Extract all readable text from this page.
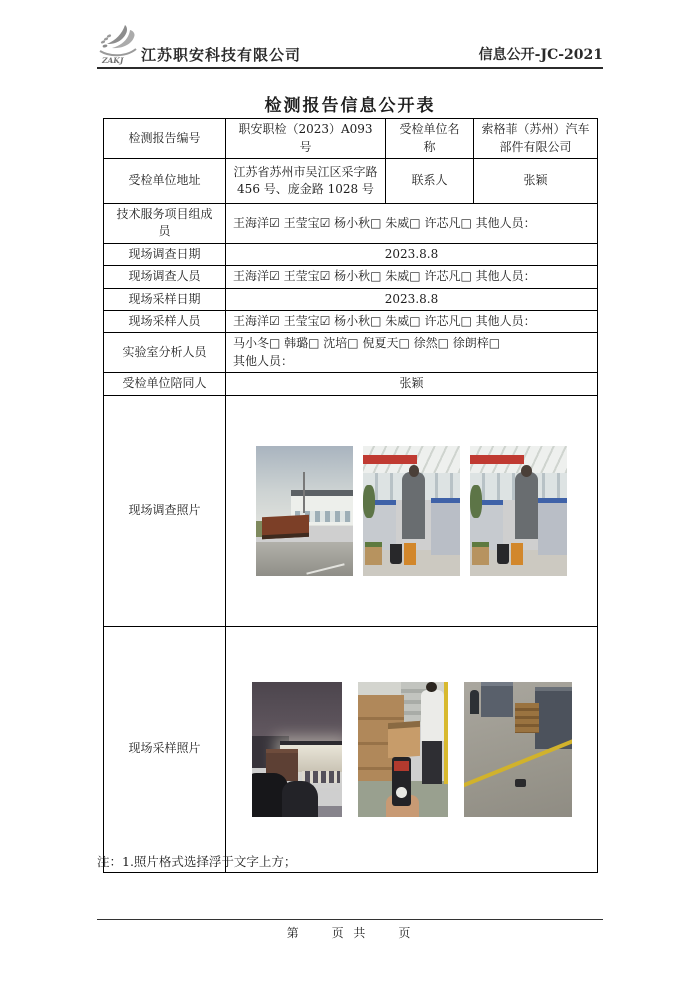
ZAKJ 江苏职安科技有限公司	信息公开-JC-2021
检测报告信息公开表
检测报告编号	职安职检（2023）A093 号	受检单位名称	索格菲（苏州）汽车部件有限公司
受检单位地址	江苏省苏州市吴江区采字路456 号、庞金路 1028 号	联系人	张颖
技术服务项目组成员	王海洋☑ 王莹宝☑ 杨小秋□ 朱威□ 许芯凡□ 其他人员：		
现场调查日期	2023.8.8		
现场调查人员	王海洋☑ 王莹宝☑ 杨小秋□ 朱威□ 许芯凡□ 其他人员：		
现场采样日期	2023.8.8		
现场采样人员	王海洋☑ 王莹宝☑ 杨小秋□ 朱威□ 许芯凡□ 其他人员：		
实验室分析人员	马小冬□ 韩璐□ 沈培□ 倪夏天□ 徐然□ 徐朗梓□
其他人员：		

受检单位陪同人	张颖		
现场调查照片			

现场采样照片			
注：1.照片格式选择浮于文字上方；
第　　页 共　　页
